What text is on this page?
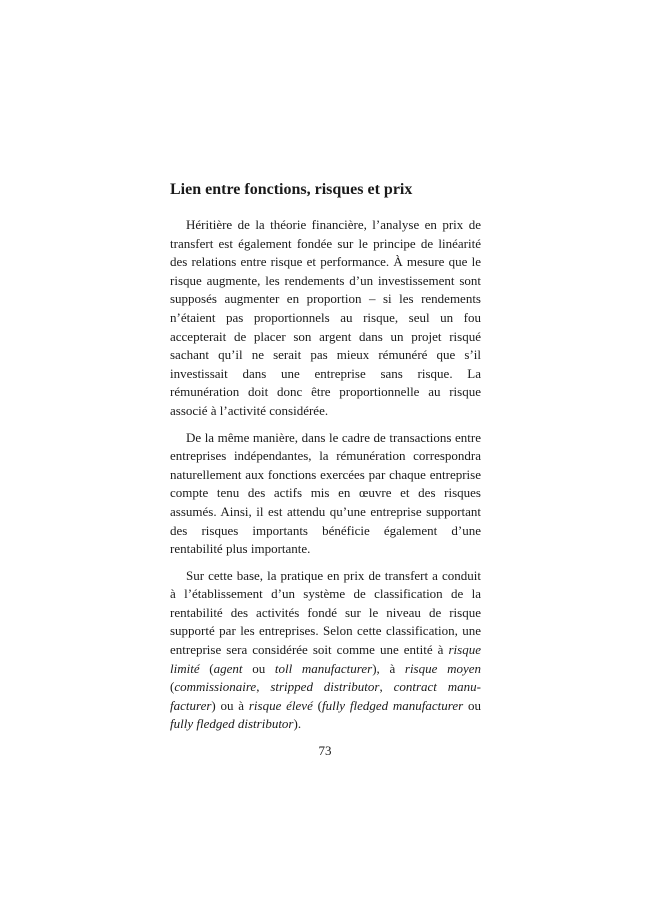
Lien entre fonctions, risques et prix

Héritière de la théorie financière, l’analyse en prix de transfert est également fondée sur le principe de linéarité des relations entre risque et performance. À mesure que le risque augmente, les rendements d’un investissement sont supposés augmenter en proportion – si les rendements n’étaient pas proportionnels au risque, seul un fou accepterait de placer son argent dans un projet risqué sachant qu’il ne serait pas mieux rémunéré que s’il investissait dans une entreprise sans risque. La rémunération doit donc être proportionnelle au risque associé à l’activité considérée.

De la même manière, dans le cadre de transactions entre entreprises indépendantes, la rémunération correspondra naturellement aux fonctions exercées par chaque entreprise compte tenu des actifs mis en œuvre et des risques assumés. Ainsi, il est attendu qu’une entreprise supportant des risques importants bénéficie également d’une rentabilité plus importante.

Sur cette base, la pratique en prix de transfert a conduit à l’établissement d’un système de classification de la rentabilité des activités fondé sur le niveau de risque supporté par les entreprises. Selon cette classification, une entreprise sera considérée soit comme une entité à risque limité (agent ou toll manufacturer), à risque moyen (commissionaire, stripped distributor, contract manufacturer) ou à risque élevé (fully fledged manufacturer ou fully fledged distributor).

73
